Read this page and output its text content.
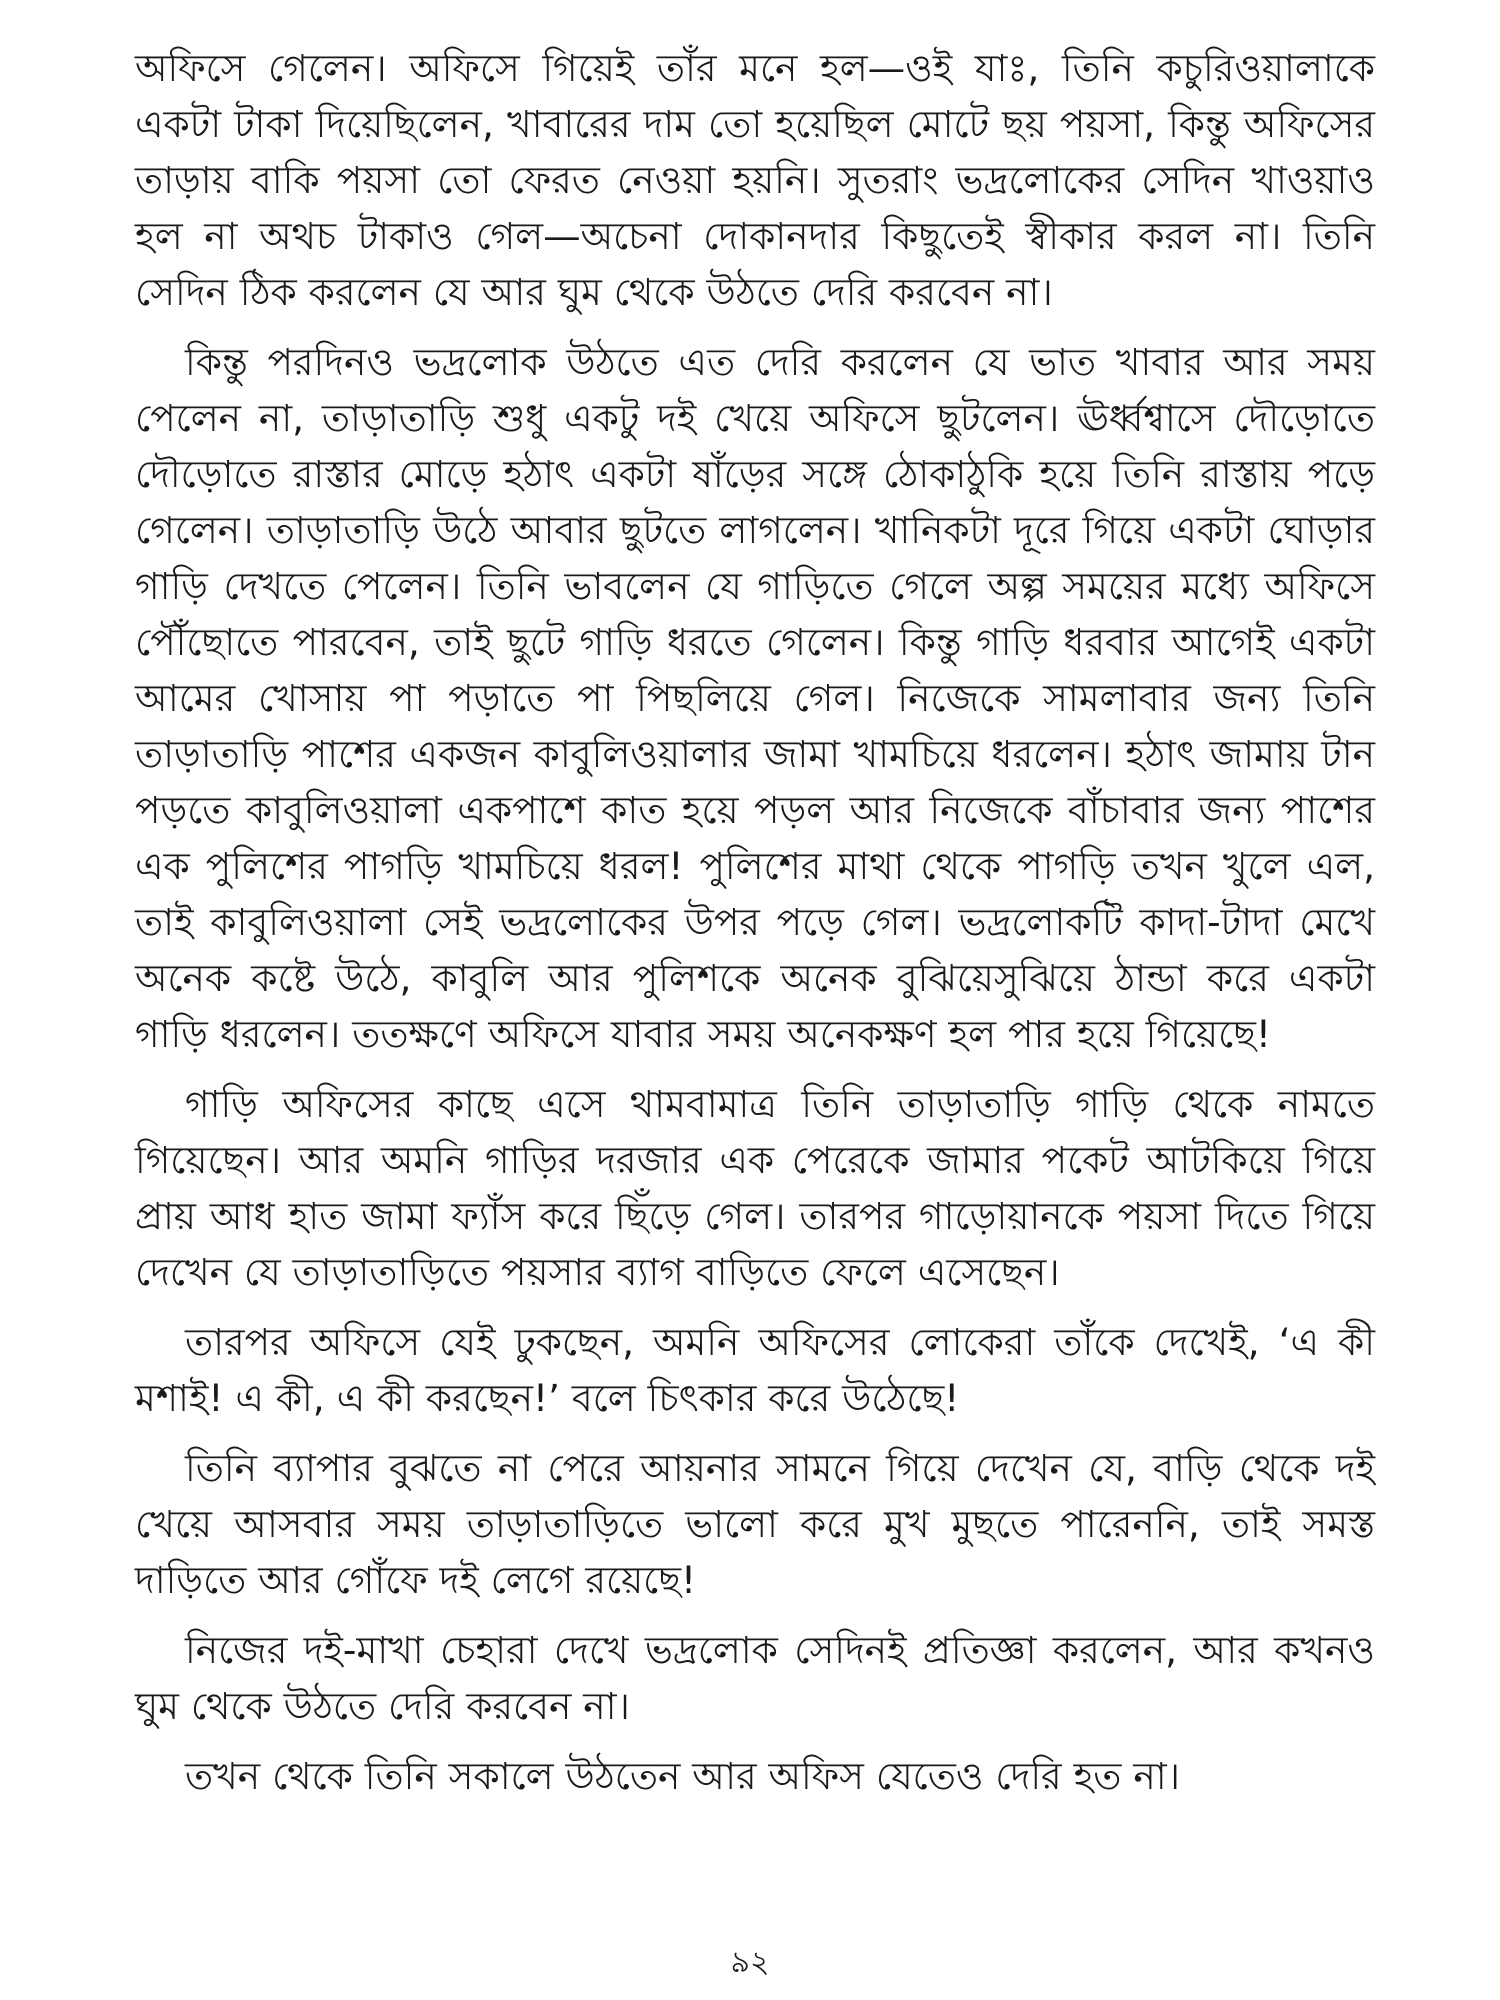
অফিসে গেলেন। অফিসে গিয়েই তাঁর মনে হল—ওই যাঃ, তিনি কচুরিওয়ালাকে একটা টাকা দিয়েছিলেন, খাবারের দাম তো হয়েছিল মোটে ছয় পয়সা, কিন্তু অফিসের তাড়ায় বাকি পয়সা তো ফেরত নেওয়া হয়নি। সুতরাং ভদ্রলোকের সেদিন খাওয়াও হল না অথচ টাকাও গেল—অচেনা দোকানদার কিছুতেই স্বীকার করল না। তিনি সেদিন ঠিক করলেন যে আর ঘুম থেকে উঠতে দেরি করবেন না।

কিন্তু পরদিনও ভদ্রলোক উঠতে এত দেরি করলেন যে ভাত খাবার আর সময় পেলেন না, তাড়াতাড়ি শুধু একটু দই খেয়ে অফিসে ছুটলেন। ঊর্ধ্বশ্বাসে দৌড়োতে দৌড়োতে রাস্তার মোড়ে হঠাৎ একটা ষাঁড়ের সঙ্গে ঠোকাঠুকি হয়ে তিনি রাস্তায় পড়ে গেলেন। তাড়াতাড়ি উঠে আবার ছুটতে লাগলেন। খানিকটা দূরে গিয়ে একটা ঘোড়ার গাড়ি দেখতে পেলেন। তিনি ভাবলেন যে গাড়িতে গেলে অল্প সময়ের মধ্যে অফিসে পৌঁছোতে পারবেন, তাই ছুটে গাড়ি ধরতে গেলেন। কিন্তু গাড়ি ধরবার আগেই একটা আমের খোসায় পা পড়াতে পা পিছলিয়ে গেল। নিজেকে সামলাবার জন্য তিনি তাড়াতাড়ি পাশের একজন কাবুলিওয়ালার জামা খামচিয়ে ধরলেন। হঠাৎ জামায় টান পড়তে কাবুলিওয়ালা একপাশে কাত হয়ে পড়ল আর নিজেকে বাঁচাবার জন্য পাশের এক পুলিশের পাগড়ি খামচিয়ে ধরল! পুলিশের মাথা থেকে পাগড়ি তখন খুলে এল, তাই কাবুলিওয়ালা সেই ভদ্রলোকের উপর পড়ে গেল। ভদ্রলোকটি কাদা-টাদা মেখে অনেক কষ্টে উঠে, কাবুলি আর পুলিশকে অনেক বুঝিয়েসুঝিয়ে ঠান্ডা করে একটা গাড়ি ধরলেন। ততক্ষণে অফিসে যাবার সময় অনেকক্ষণ হল পার হয়ে গিয়েছে!

গাড়ি অফিসের কাছে এসে থামবামাত্র তিনি তাড়াতাড়ি গাড়ি থেকে নামতে গিয়েছেন। আর অমনি গাড়ির দরজার এক পেরেকে জামার পকেট আটকিয়ে গিয়ে প্রায় আধ হাত জামা ফ্যাঁস করে ছিঁড়ে গেল। তারপর গাড়োয়ানকে পয়সা দিতে গিয়ে দেখেন যে তাড়াতাড়িতে পয়সার ব্যাগ বাড়িতে ফেলে এসেছেন।

তারপর অফিসে যেই ঢুকছেন, অমনি অফিসের লোকেরা তাঁকে দেখেই, ‘এ কী মশাই! এ কী, এ কী করছেন!’ বলে চিৎকার করে উঠেছে!

তিনি ব্যাপার বুঝতে না পেরে আয়নার সামনে গিয়ে দেখেন যে, বাড়ি থেকে দই খেয়ে আসবার সময় তাড়াতাড়িতে ভালো করে মুখ মুছতে পারেননি, তাই সমস্ত দাড়িতে আর গোঁফে দই লেগে রয়েছে!

নিজের দই-মাখা চেহারা দেখে ভদ্রলোক সেদিনই প্রতিজ্ঞা করলেন, আর কখনও ঘুম থেকে উঠতে দেরি করবেন না।

তখন থেকে তিনি সকালে উঠতেন আর অফিস যেতেও দেরি হত না।

৯২
